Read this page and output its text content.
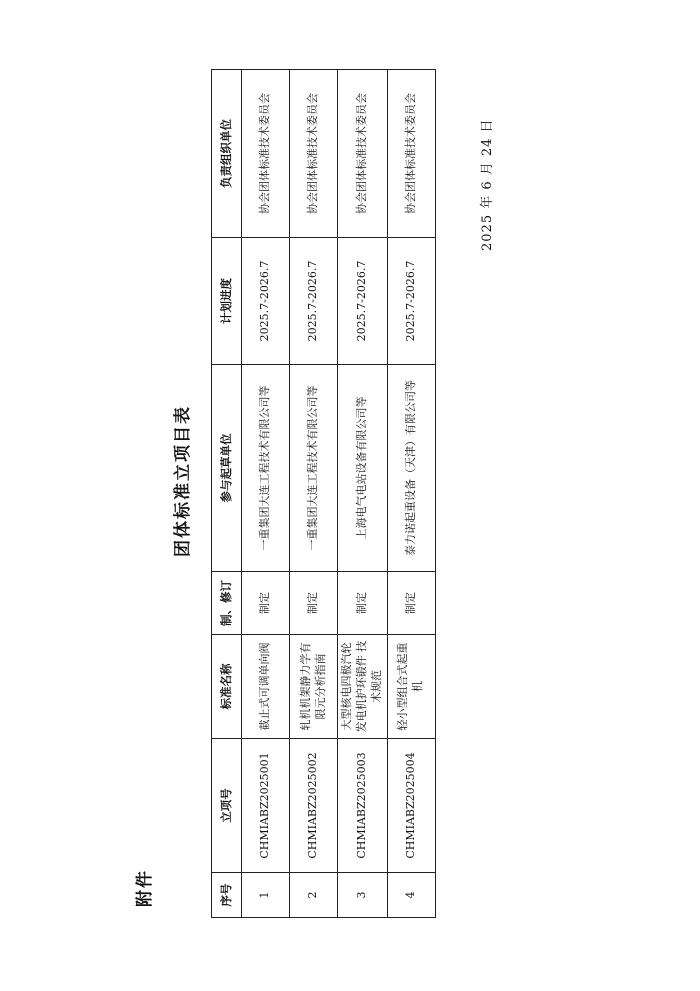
附件
团体标准立项目表
序号	立项号	标准名称	制、修订	参与起草单位	计划进度	负责组织单位
1	CHMIABZ2025001	截止式可调单向阀	制定	一重集团大连工程技术有限公司等	2025.7-2026.7	协会团体标准技术委员会
2	CHMIABZ2025002	轧机机架静力学有限元分析指南	制定	一重集团大连工程技术有限公司等	2025.7-2026.7	协会团体标准技术委员会
3	CHMIABZ2025003	大型核电四极汽轮发电机护环锻件 技术规范	制定	上海电气电站设备有限公司等	2025.7-2026.7	协会团体标准技术委员会
4	CHMIABZ2025004	轻小型组合式起重机	制定	泰力诺起重设备（天津）有限公司等	2025.7-2026.7	协会团体标准技术委员会	2025 年 6 月 24 日
